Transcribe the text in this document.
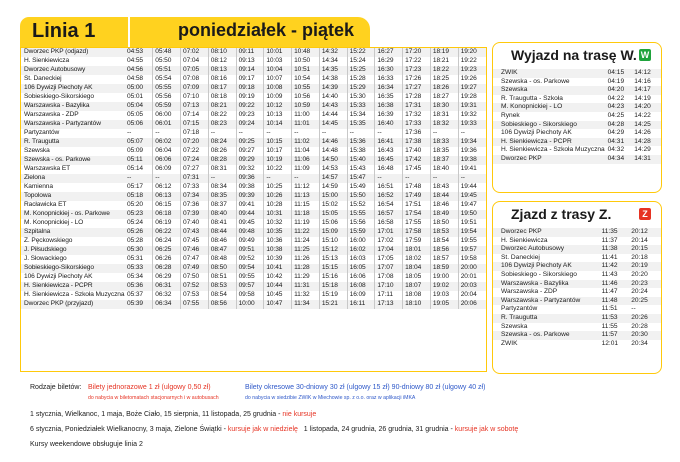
Linia 1	poniedziałek - piątek
Dworzec PKP (odjazd)	04:53	05:48	07:02	08:10	09:11	10:01	10:48	14:32	15:22	16:27	17:20	18:19	19:20
H. Sienkiewicza	04:55	05:50	07:04	08:12	09:13	10:03	10:50	14:34	15:24	16:29	17:22	18:21	19:22
Dworzec Autobusowy	04:56	05:51	07:05	08:13	09:14	10:04	10:51	14:35	15:25	16:30	17:23	18:22	19:23
St. Daneckiej	04:58	05:54	07:08	08:16	09:17	10:07	10:54	14:38	15:28	16:33	17:26	18:25	19:26
106 Dywizji Piechoty AK	05:00	05:55	07:09	08:17	09:18	10:08	10:55	14:39	15:29	16:34	17:27	18:26	19:27
Sobieskiego-Sikorskiego	05:01	05:56	07:10	08:18	09:19	10:09	10:56	14:40	15:30	16:35	17:28	18:27	19:28
Warszawska - Bazylika	05:04	05:59	07:13	08:21	09:22	10:12	10:59	14:43	15:33	16:38	17:31	18:30	19:31
Warszawska - ZDP	05:05	06:00	07:14	08:22	09:23	10:13	11:00	14:44	15:34	16:39	17:32	18:31	19:32
Warszawska - Partyzantów	05:06	06:01	07:15	08:23	09:24	10:14	11:01	14:45	15:35	16:40	17:33	18:32	19:33
Partyzantów	--	--	07:18	--	--	--	--	--	--	--	17:36	--	--
R. Traugutta	05:07	06:02	07:20	08:24	09:25	10:15	11:02	14:46	15:36	16:41	17:38	18:33	19:34
Szewska	05:09	06:04	07:22	08:26	09:27	10:17	11:04	14:48	15:38	16:43	17:40	18:35	19:36
Szewska - os. Parkowe	05:11	06:06	07:24	08:28	09:29	10:19	11:06	14:50	15:40	16:45	17:42	18:37	19:38
Warszawska ET	05:14	06:09	07:27	08:31	09:32	10:22	11:09	14:53	15:43	16:48	17:45	18:40	19:41
Zielona	--	--	07:31	--	09:36	--	--	14:57	15:47	--	--	--	--
Kamienna	05:17	06:12	07:33	08:34	09:38	10:25	11:12	14:59	15:49	16:51	17:48	18:43	19:44
Topolowa	05:18	06:13	07:34	08:35	09:39	10:26	11:13	15:00	15:50	16:52	17:49	18:44	19:45
Racławicka ET	05:20	06:15	07:36	08:37	09:41	10:28	11:15	15:02	15:52	16:54	17:51	18:46	19:47
M. Konopnickiej - os. Parkowe	05:23	06:18	07:39	08:40	09:44	10:31	11:18	15:05	15:55	16:57	17:54	18:49	19:50
M. Konopnickiej - LO	05:24	06:19	07:40	08:41	09:45	10:32	11:19	15:06	15:56	16:58	17:55	18:50	19:51
Szpitalna	05:26	06:22	07:43	08:44	09:48	10:35	11:22	15:09	15:59	17:01	17:58	18:53	19:54
Z. Pęckowskiego	05:28	06:24	07:45	08:46	09:49	10:36	11:24	15:10	16:00	17:02	17:59	18:54	19:55
J. Piłsudskiego	05:30	06:25	07:46	08:47	09:51	10:38	11:25	15:12	16:02	17:04	18:01	18:56	19:57
J. Słowackiego	05:31	06:26	07:47	08:48	09:52	10:39	11:26	15:13	16:03	17:05	18:02	18:57	19:58
Sobieskiego-Sikorskiego	05:33	06:28	07:49	08:50	09:54	10:41	11:28	15:15	16:05	17:07	18:04	18:59	20:00
106 Dywizji Piechoty AK	05:34	06:29	07:50	08:51	09:55	10:42	11:29	15:16	16:06	17:08	18:05	19:00	20:01
H. Sienkiewicza - PCPR	05:36	06:31	07:52	08:53	09:57	10:44	11:31	15:18	16:08	17:10	18:07	19:02	20:03
H. Sienkiewicza - Szkoła Muzyczna	05:37	06:32	07:53	08:54	09:58	10:45	11:32	15:19	16:09	17:11	18:08	19:03	20:04
Dworzec PKP (przyjazd)	05:39	06:34	07:55	08:56	10:00	10:47	11:34	15:21	16:11	17:13	18:10	19:05	20:06
Wyjazd na trasę W. W
ZWIK	04:15	14:12
Szewska - os. Parkowe	04:19	14:16
Szewska	04:20	14:17
R. Traugutta - Szkoła	04:22	14:19
M. Konopnickiej - LO	04:23	14:20
Rynek	04:25	14:22
Sobieskiego - Sikorskiego	04:28	14:25
106 Dywizji Piechoty AK	04:29	14:26
H. Sienkiewicza - PCPR	04:31	14:28
H. Sienkiewicza - Szkoła Muzyczna	04:32	14:29
Dworzec PKP	04:34	14:31
Zjazd z trasy Z.	Z
Dworzec PKP	11:35	20:12
H. Sienkiewicza	11:37	20:14
Dworzec Autobusowy	11:38	20:15
St. Daneckiej	11:41	20:18
106 Dywizji Piechoty AK	11:42	20:19
Sobieskiego - Sikorskiego	11:43	20:20
Warszawska - Bazylika	11:46	20:23
Warszawska - ZDP	11:47	20:24
Warszawska - Partyzantów	11:48	20:25
Partyzantów	11:51	--
R. Traugutta	11:53	20:26
Szewska	11:55	20:28
Szewska - os. Parkowe	11:57	20:30
ZWIK	12:01	20:34
Rodzaje biletów: Bilety jednorazowe 1 zł (ulgowy 0,50 zł)
do nabycia w biletomatach stacjonarnych i w autobusach
Bilety okresowe 30-dniowy 30 zł (ulgowy 15 zł) 90-dniowy 80 zł (ulgowy 40 zł)
do nabycia w siedzibie ZWIK w Miechowie sp. z o.o. oraz w aplikacji iMKA
1 stycznia, Wielkanoc, 1 maja, Boże Ciało, 15 sierpnia, 11 listopada, 25 grudnia - nie kursuje
6 stycznia, Poniedziałek Wielkanocny, 3 maja, Zielone Świątki - kursuje jak w niedzielę 1 listopada, 24 grudnia, 26 grudnia, 31 grudnia - kursuje jak w sobotę
Kursy weekendowe obsługuje linia 2
